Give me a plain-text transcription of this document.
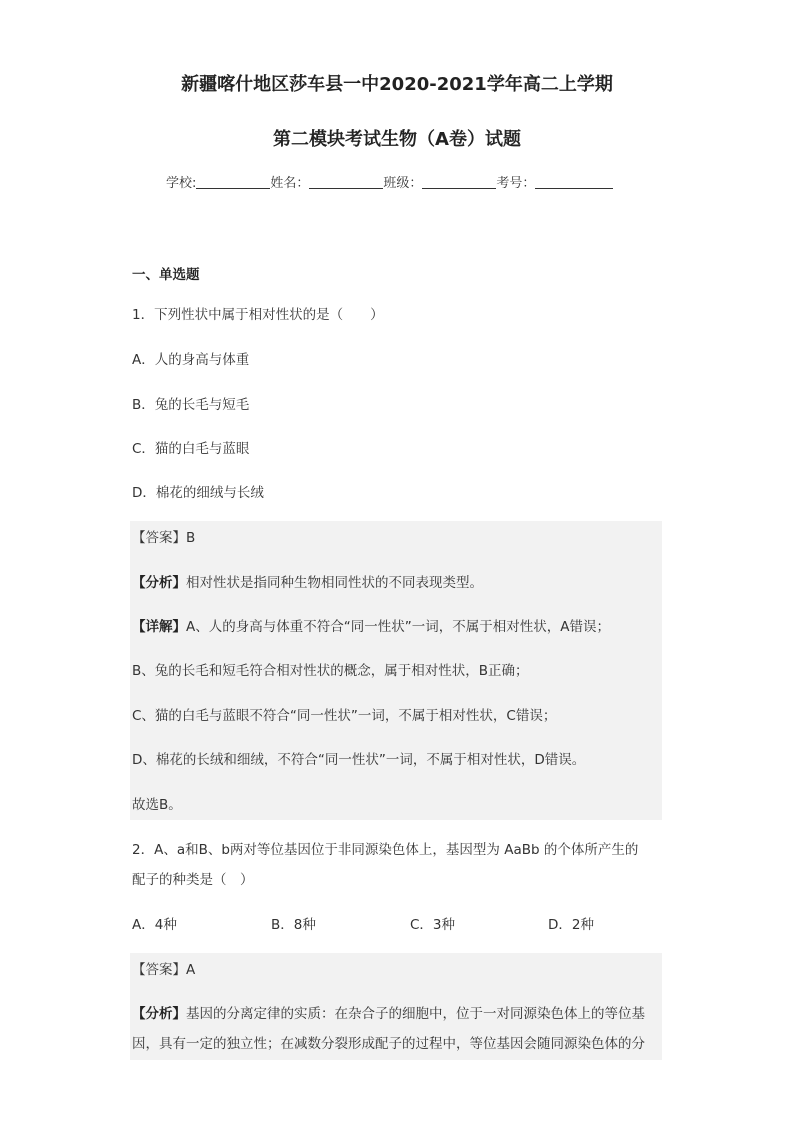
新疆喀什地区莎车县一中2020-2021学年高二上学期
第二模块考试生物（A卷）试题
学校:	姓名：	班级：	考号：
一、单选题
1．下列性状中属于相对性状的是（　　）
A．人的身高与体重
B．兔的长毛与短毛
C．猫的白毛与蓝眼
D．棉花的细绒与长绒
【答案】B
【分析】相对性状是指同种生物相同性状的不同表现类型。
【详解】A、人的身高与体重不符合“同一性状”一词，不属于相对性状，A错误；
B、兔的长毛和短毛符合相对性状的概念，属于相对性状，B正确；
C、猫的白毛与蓝眼不符合“同一性状”一词，不属于相对性状，C错误；
D、棉花的长绒和细绒，不符合“同一性状”一词，不属于相对性状，D错误。
故选B。
2．A、a和B、b两对等位基因位于非同源染色体上，基因型为 AaBb 的个体所产生的
配子的种类是（　）
A．4种	B．8种	C．3种	D．2种
【答案】A
【分析】基因的分离定律的实质：在杂合子的细胞中，位于一对同源染色体上的等位基
因，具有一定的独立性；在减数分裂形成配子的过程中，等位基因会随同源染色体的分
